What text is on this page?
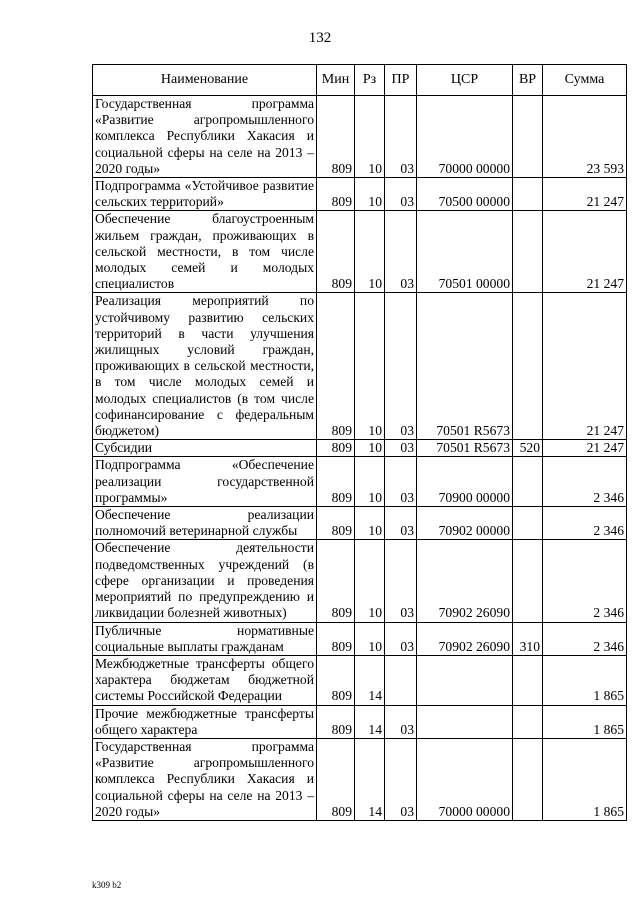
132
Наименование	Мин	Рз	ПР	ЦСР	ВР	Сумма
Государственная программа «Развитие агропромышленного комплекса Республики Хакасия и социальной сферы на селе на 2013 – 2020 годы»	809	10	03	70000 00000		23 593
Подпрограмма «Устойчивое развитие сельских территорий»	809	10	03	70500 00000		21 247
Обеспечение благоустроенным жильем граждан, проживающих в сельской местности, в том числе молодых семей и молодых специалистов	809	10	03	70501 00000		21 247
Реализация мероприятий по устойчивому развитию сельских территорий в части улучшения жилищных условий граждан, проживающих в сельской местности, в том числе молодых семей и молодых специалистов (в том числе софинансирование с федеральным бюджетом)	809	10	03	70501 R5673		21 247
Субсидии	809	10	03	70501 R5673	520	21 247
Подпрограмма «Обеспечение реализации государственной программы»	809	10	03	70900 00000		2 346
Обеспечение реализации полномочий ветеринарной службы	809	10	03	70902 00000		2 346
Обеспечение деятельности подведомственных учреждений (в сфере организации и проведения мероприятий по предупреждению и ликвидации болезней животных)	809	10	03	70902 26090		2 346
Публичные нормативные социальные выплаты гражданам	809	10	03	70902 26090	310	2 346
Межбюджетные трансферты общего характера бюджетам бюджетной системы Российской Федерации	809	14				1 865
Прочие межбюджетные трансферты общего характера	809	14	03			1 865
Государственная программа «Развитие агропромышленного комплекса Республики Хакасия и социальной сферы на селе на 2013 – 2020 годы»	809	14	03	70000 00000		1 865
k309 b2
